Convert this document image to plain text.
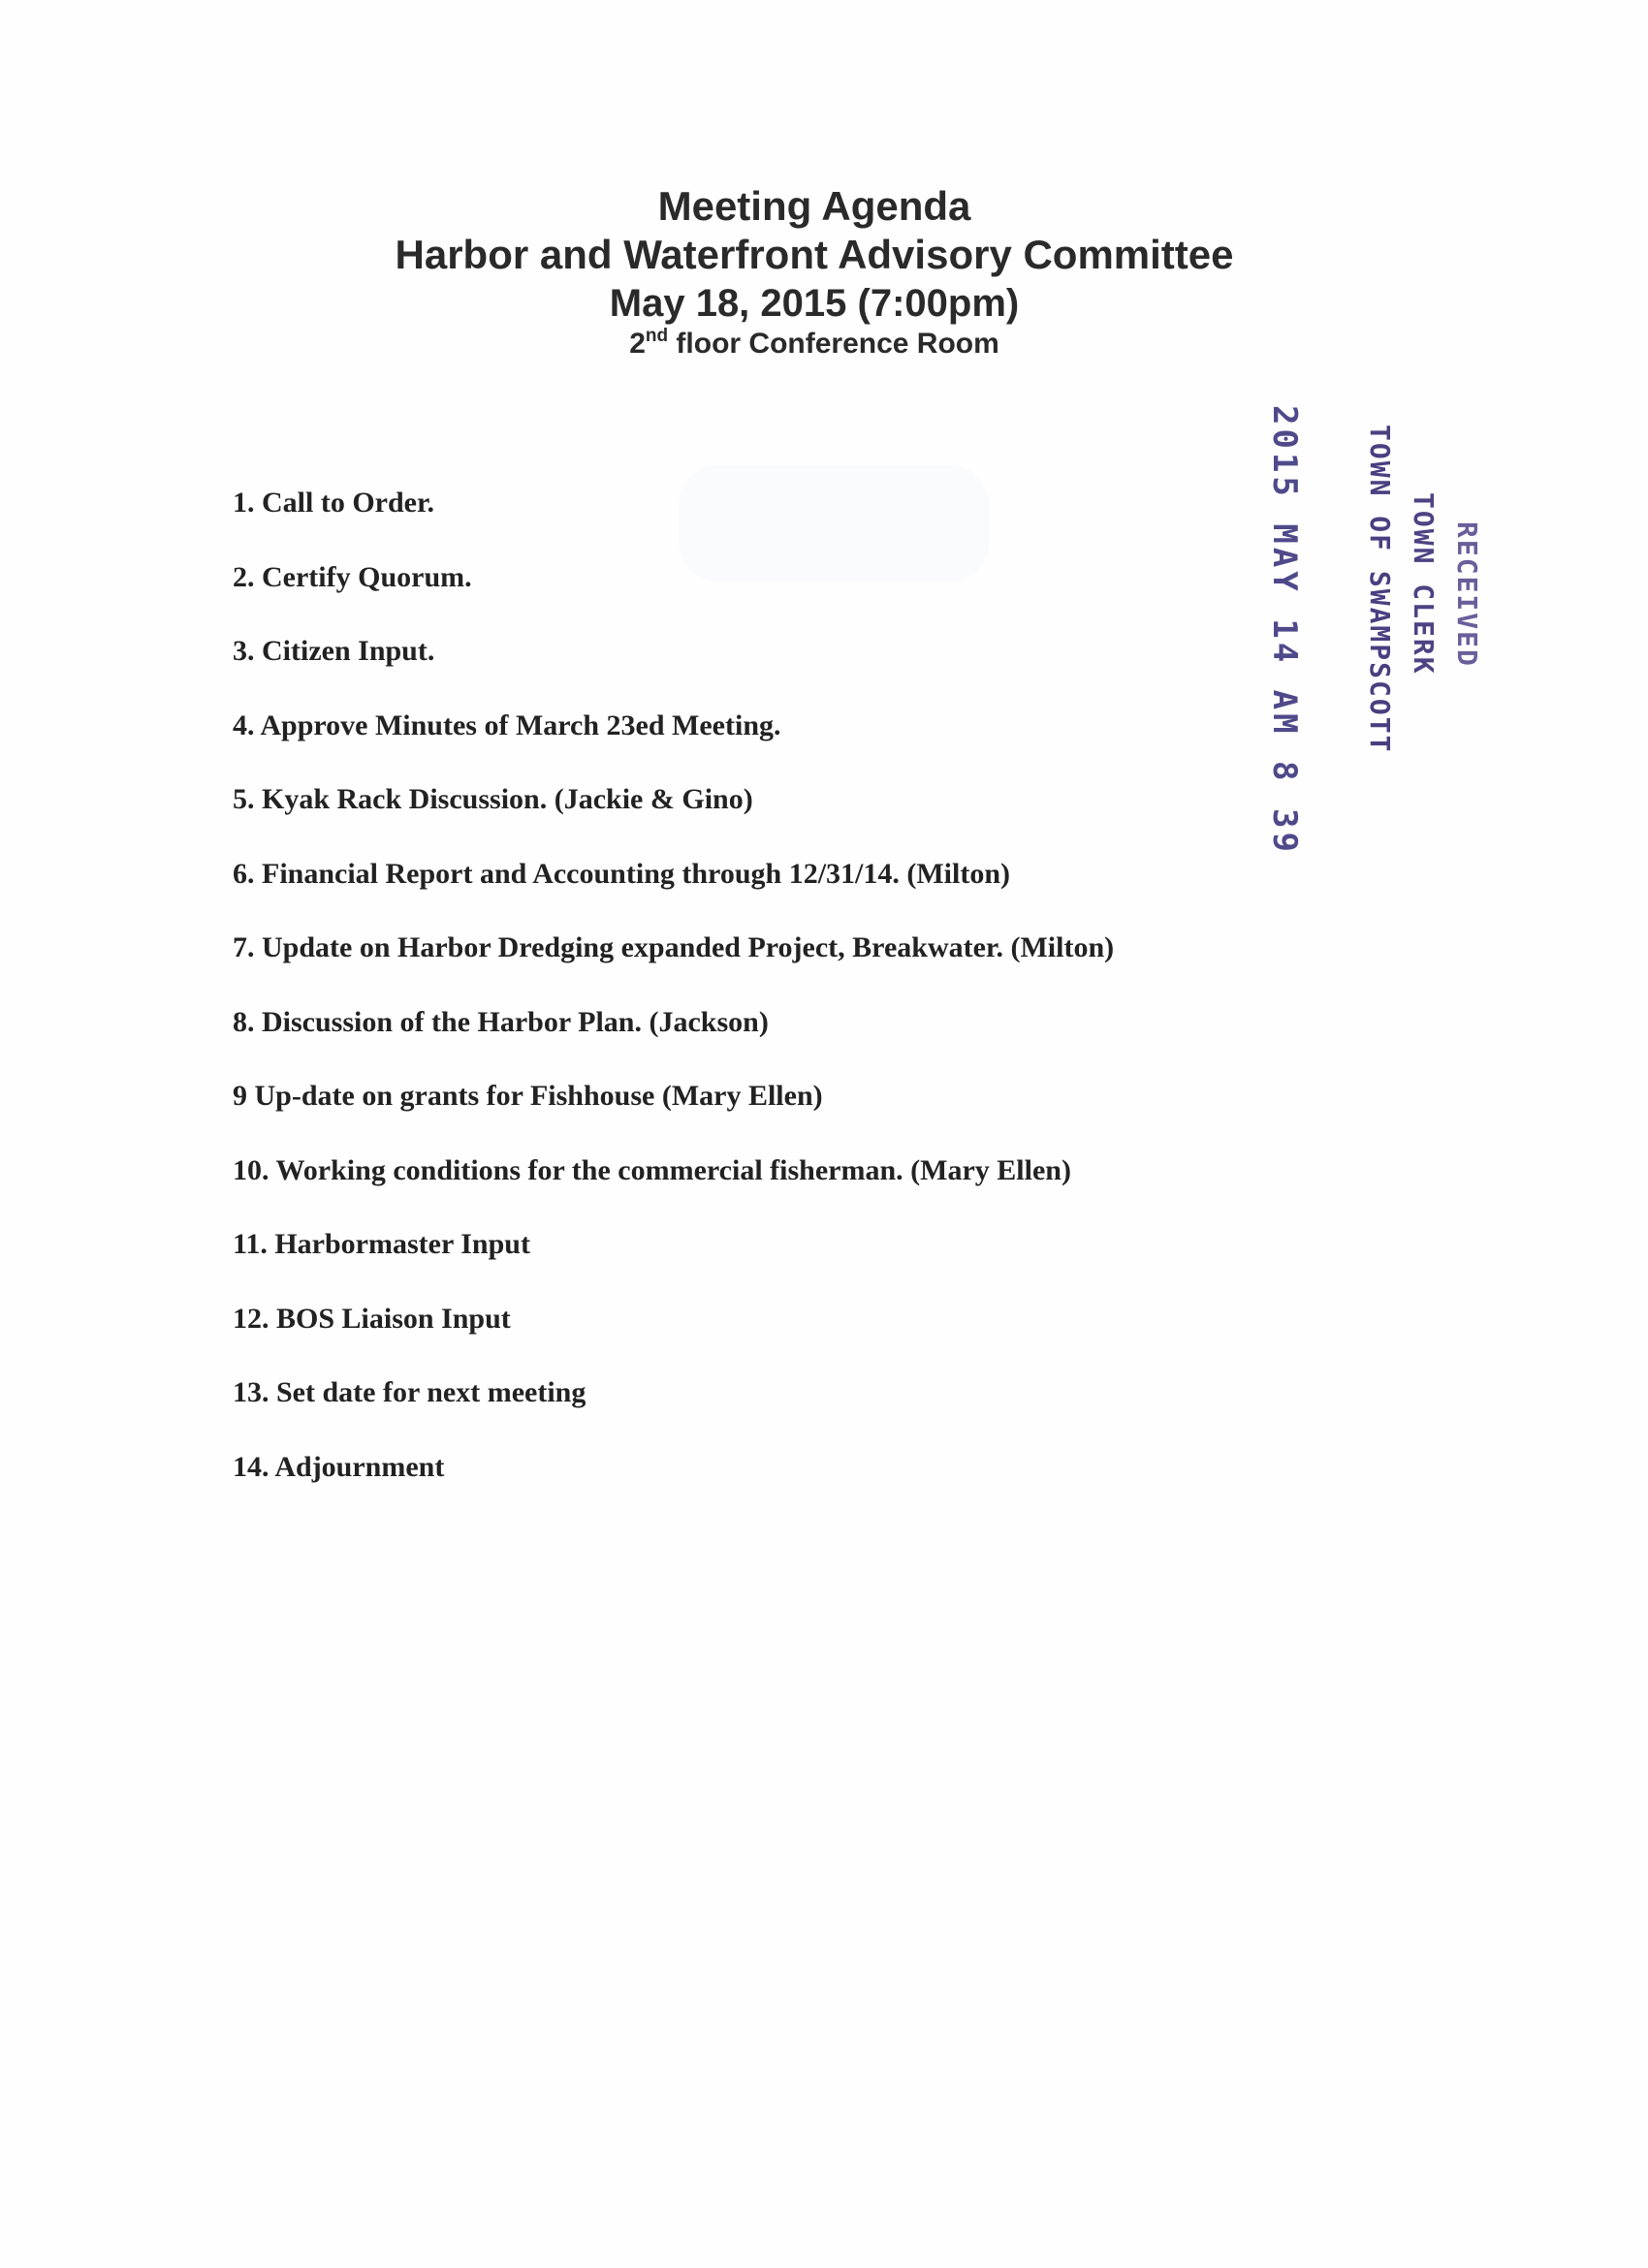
Meeting Agenda
Harbor and Waterfront Advisory Committee
May 18, 2015 (7:00pm)
2nd floor Conference Room
1. Call to Order.
2. Certify Quorum.
3. Citizen Input.
4. Approve Minutes of March 23ed Meeting.
5. Kyak Rack Discussion. (Jackie & Gino)
6. Financial Report and Accounting through 12/31/14. (Milton)
7. Update on Harbor Dredging expanded Project, Breakwater. (Milton)
8. Discussion of the Harbor Plan. (Jackson)
9 Up-date on grants for Fishhouse (Mary Ellen)
10. Working conditions for the commercial fisherman. (Mary Ellen)
11. Harbormaster Input
12. BOS Liaison Input
13. Set date for next meeting
14. Adjournment
RECEIVED
TOWN CLERK
TOWN OF SWAMPSCOTT
2015 MAY 14 AM 8 39
